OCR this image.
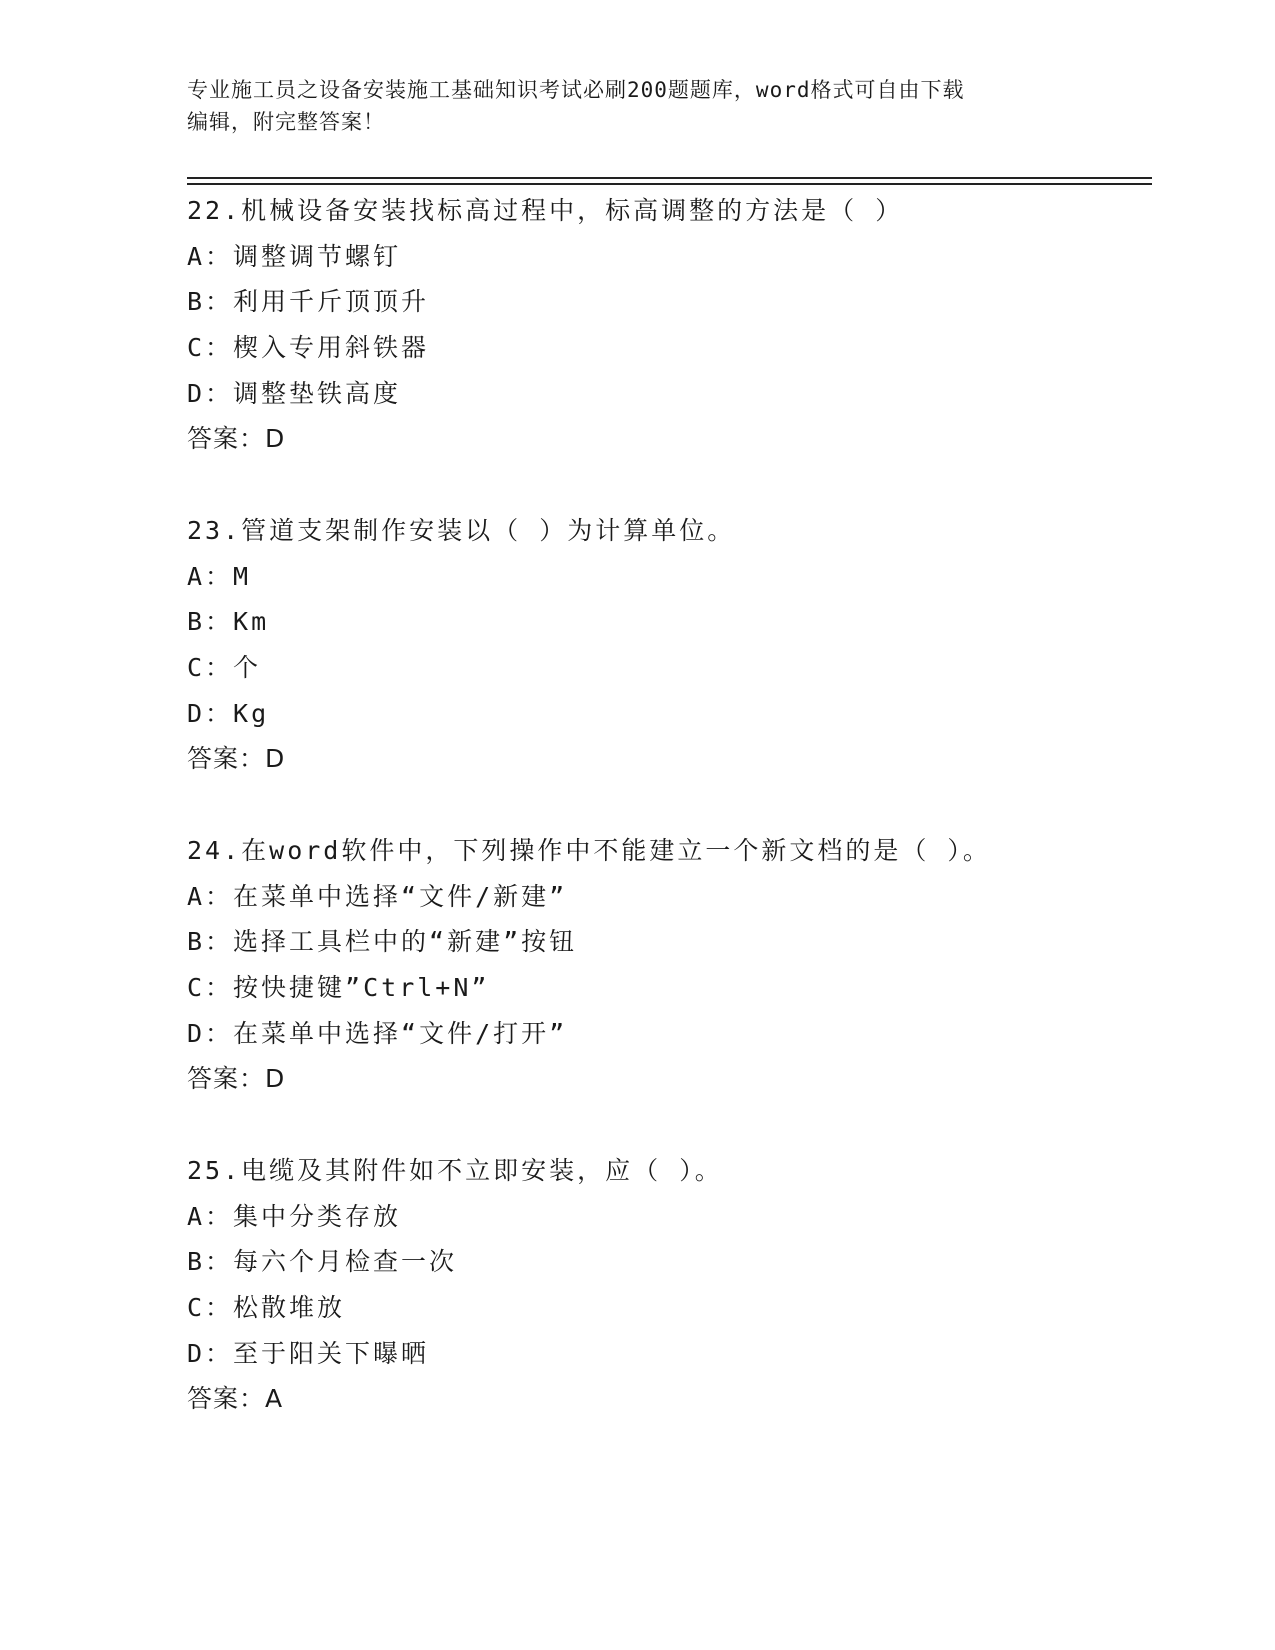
专业施工员之设备安装施工基础知识考试必刷200题题库，word格式可自由下载
编辑，附完整答案！
22.机械设备安装找标高过程中，标高调整的方法是（ ）
A：调整调节螺钉
B：利用千斤顶顶升
C：楔入专用斜铁器
D：调整垫铁高度
答案：D
23.管道支架制作安装以（ ）为计算单位。
A：M
B：Km
C：个
D：Kg
答案：D
24.在word软件中，下列操作中不能建立一个新文档的是（ ）。
A：在菜单中选择“文件/新建”
B：选择工具栏中的“新建”按钮
C：按快捷键”Ctrl+N”
D：在菜单中选择“文件/打开”
答案：D
25.电缆及其附件如不立即安装，应（ ）。
A：集中分类存放
B：每六个月检查一次
C：松散堆放
D：至于阳关下曝晒
答案：A
